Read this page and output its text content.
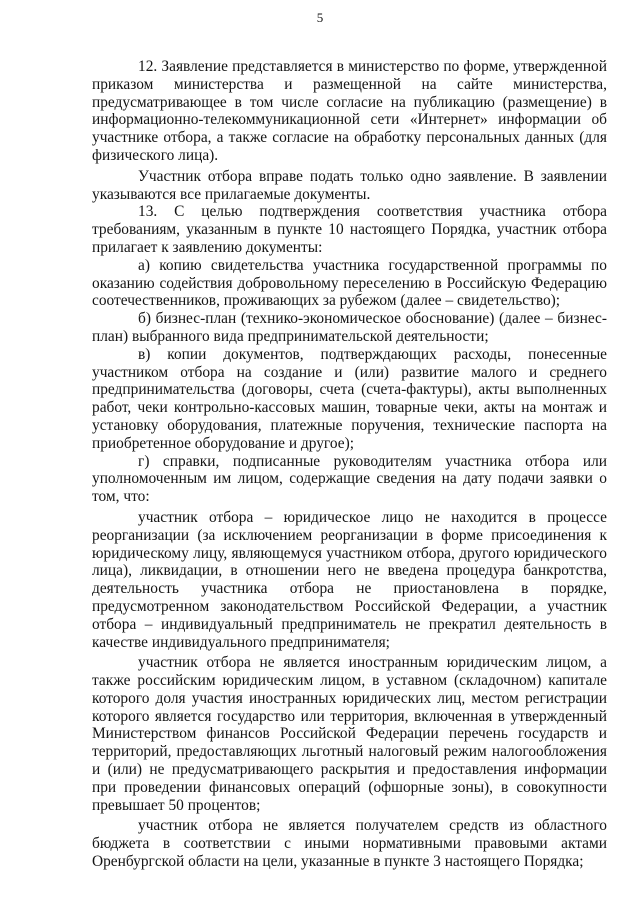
5

12. Заявление представляется в министерство по форме, утвержденной приказом министерства и размещенной на сайте министерства, предусматривающее в том числе согласие на публикацию (размещение) в информационно-телекоммуникационной сети «Интернет» информации об участнике отбора, а также согласие на обработку персональных данных (для физического лица).

Участник отбора вправе подать только одно заявление. В заявлении указываются все прилагаемые документы.

13. С целью подтверждения соответствия участника отбора требованиям, указанным в пункте 10 настоящего Порядка, участник отбора прилагает к заявлению документы:

а) копию свидетельства участника государственной программы по оказанию содействия добровольному переселению в Российскую Федерацию соотечественников, проживающих за рубежом (далее – свидетельство);

б) бизнес-план (технико-экономическое обоснование) (далее – бизнес-план) выбранного вида предпринимательской деятельности;

в) копии документов, подтверждающих расходы, понесенные участником отбора на создание и (или) развитие малого и среднего предпринимательства (договоры, счета (счета-фактуры), акты выполненных работ, чеки контрольно-кассовых машин, товарные чеки, акты на монтаж и установку оборудования, платежные поручения, технические паспорта на приобретенное оборудование и другое);

г) справки, подписанные руководителям участника отбора или уполномоченным им лицом, содержащие сведения на дату подачи заявки о том, что:

участник отбора – юридическое лицо не находится в процессе реорганизации (за исключением реорганизации в форме присоединения к юридическому лицу, являющемуся участником отбора, другого юридического лица), ликвидации, в отношении него не введена процедура банкротства, деятельность участника отбора не приостановлена в порядке, предусмотренном законодательством Российской Федерации, а участник отбора – индивидуальный предприниматель не прекратил деятельность в качестве индивидуального предпринимателя;

участник отбора не является иностранным юридическим лицом, а также российским юридическим лицом, в уставном (складочном) капитале которого доля участия иностранных юридических лиц, местом регистрации которого является государство или территория, включенная в утвержденный Министерством финансов Российской Федерации перечень государств и территорий, предоставляющих льготный налоговый режим налогообложения и (или) не предусматривающего раскрытия и предоставления информации при проведении финансовых операций (офшорные зоны), в совокупности превышает 50 процентов;

участник отбора не является получателем средств из областного бюджета в соответствии с иными нормативными правовыми актами Оренбургской области на цели, указанные в пункте 3 настоящего Порядка;
